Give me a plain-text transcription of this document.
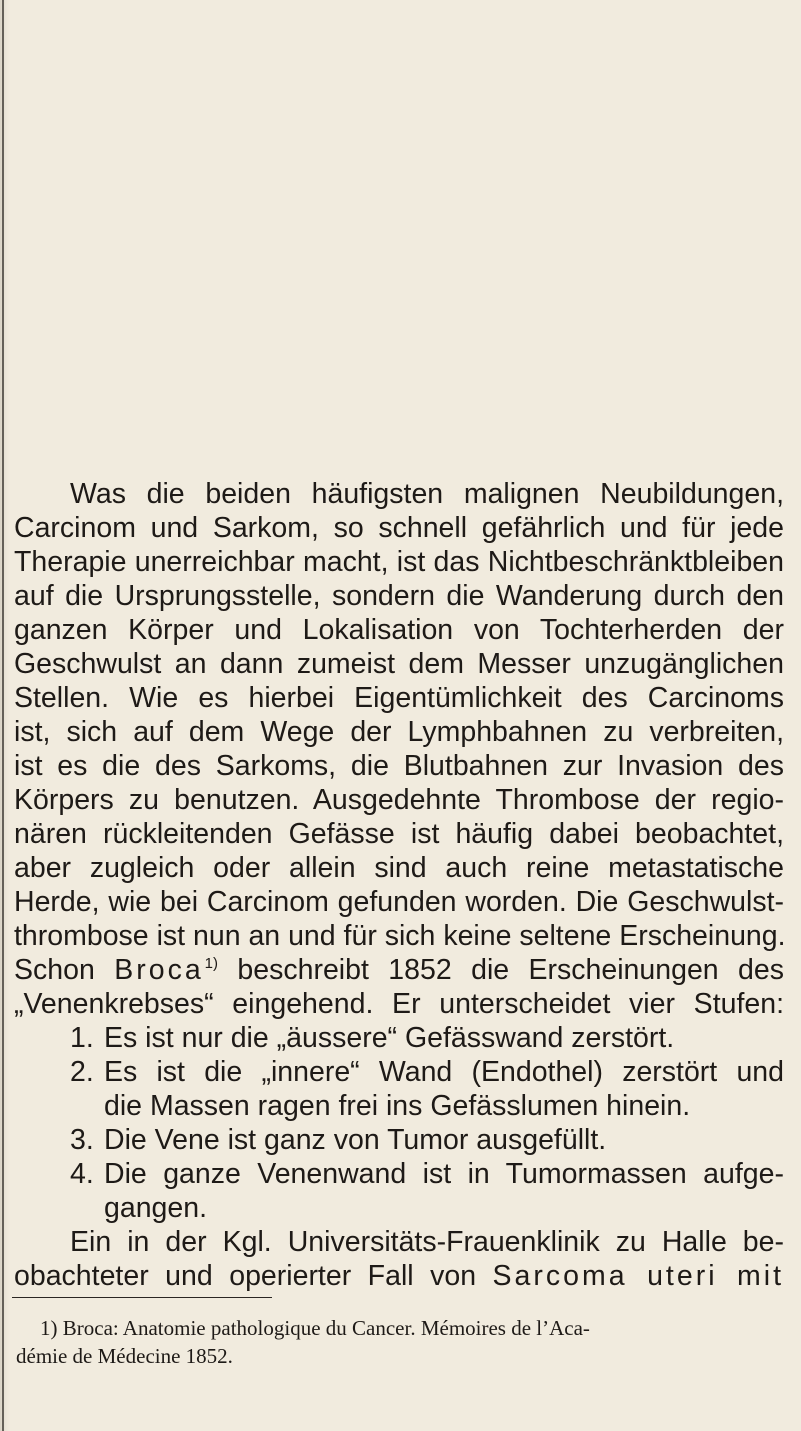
Was die beiden häufigsten malignen Neubildungen,
Carcinom und Sarkom, so schnell gefährlich und für jede
Therapie unerreichbar macht, ist das Nichtbeschränktbleiben
auf die Ursprungsstelle, sondern die Wanderung durch den
ganzen Körper und Lokalisation von Tochterherden der
Geschwulst an dann zumeist dem Messer unzugänglichen
Stellen. Wie es hierbei Eigentümlichkeit des Carcinoms
ist, sich auf dem Wege der Lymphbahnen zu verbreiten,
ist es die des Sarkoms, die Blutbahnen zur Invasion des
Körpers zu benutzen. Ausgedehnte Thrombose der regio-
nären rückleitenden Gefässe ist häufig dabei beobachtet,
aber zugleich oder allein sind auch reine metastatische
Herde, wie bei Carcinom gefunden worden. Die Geschwulst-
thrombose ist nun an und für sich keine seltene Erscheinung.
Schon Broca$^{1)}$ beschreibt 1852 die Erscheinungen des
„Venenkrebses“ eingehend. Er unterscheidet vier Stufen:
1. Es ist nur die „äussere“ Gefässwand zerstört.
2. Es ist die „innere“ Wand (Endothel) zerstört und
die Massen ragen frei ins Gefässlumen hinein.
3. Die Vene ist ganz von Tumor ausgefüllt.
4. Die ganze Venenwand ist in Tumormassen aufge-
gangen.
Ein in der Kgl. Universitäts-Frauenklinik zu Halle be-
obachteter und operierter Fall von Sarcoma uteri mit
1) Broca: Anatomie pathologique du Cancer. Mémoires de l’Aca-
démie de Médecine 1852.
